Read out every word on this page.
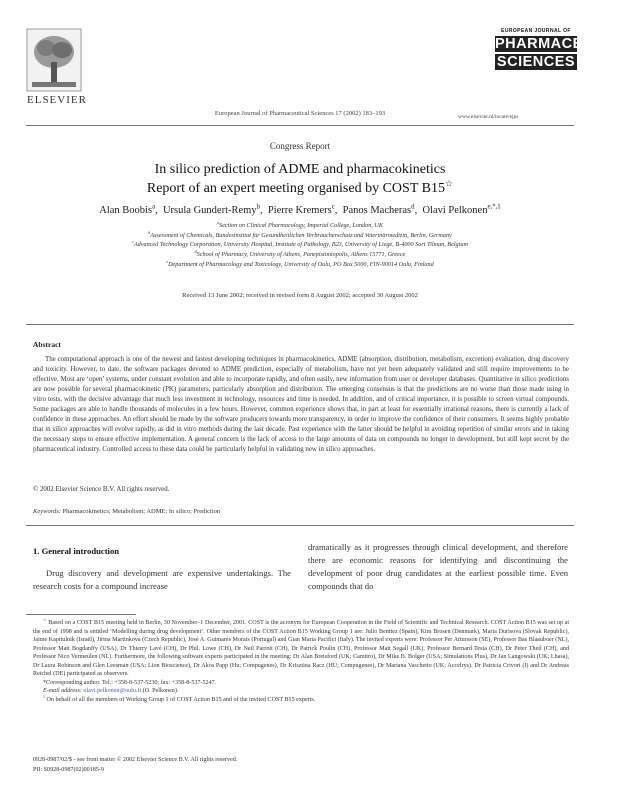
ELSEVIER
European Journal of Pharmaceutical Sciences 17 (2002) 183–193
EUROPEAN JOURNAL OF
PHARMACEUTICAL
SCIENCES
www.elsevier.nl/locate/ejps
Congress Report
In silico prediction of ADME and pharmacokinetics
Report of an expert meeting organised by COST B15☆
Alan Boobis$^a$,  Ursula Gundert-Remy$^b$,  Pierre Kremers$^c$,  Panos Macheras$^d$,  Olavi Pelkonen$^{e,*,1}$
$^a$Section on Clinical Pharmacology, Imperial College, London, UK
$^b$Assessment of Chemicals, Bundesinstitut für Gesundheitlichen Verbraucherschutz und Veterinärmedizin, Berlin, Germany
$^c$Advanced Technology Corporation, University Hospital, Institute of Pathology, B23, University of Liege, B-4000 Sart Tilman, Belgium
$^d$School of Pharmacy, University of Athens, Panepistimiopolis, Athens 15771, Greece
$^e$Department of Pharmacology and Toxicology, University of Oulu, PO Box 5000, FIN-90014 Oulu, Finland
Received 13 June 2002; received in revised form 8 August 2002; accepted 30 August 2002
Abstract
The computational approach is one of the newest and fastest developing techniques in pharmacokinetics, ADME (absorption, distribution, metabolism, excretion) evaluation, drug discovery and toxicity. However, to date, the software packages devoted to ADME prediction, especially of metabolism, have not yet been adequately validated and still require improvements to be effective. Most are ‘open’ systems, under constant evolution and able to incorporate rapidly, and often easily, new information from user or developer databases. Quantitative in silico predictions are now possible for several pharmacokinetic (PK) parameters, particularly absorption and distribution. The emerging consensus is that the predictions are no worse than those made using in vitro tests, with the decisive advantage that much less investment in technology, resources and time is needed. In addition, and of critical importance, it is possible to screen virtual compounds. Some packages are able to handle thousands of molecules in a few hours. However, common experience shows that, in part at least for essentially irrational reasons, there is currently a lack of confidence in these approaches. An effort should be made by the software producers towards more transparency, in order to improve the confidence of their consumers. It seems highly probable that in silico approaches will evolve rapidly, as did in vitro methods during the last decade. Past experience with the latter should be helpful in avoiding repetition of similar errors and in taking the necessary steps to ensure effective implementation. A general concern is the lack of access to the large amounts of data on compounds no longer in development, but still kept secret by the pharmaceutical industry. Controlled access to these data could be particularly helpful in validating new in silico approaches.
© 2002 Elsevier Science B.V. All rights reserved.
Keywords: Pharmacokinetics; Metabolism; ADME; In silico; Prediction
1. General introduction
Drug discovery and development are expensive undertakings. The research costs for a compound increase
dramatically as it progresses through clinical development, and therefore there are economic reasons for identifying and discontinuing the development of poor drug candidates at the earliest possible time. Even compounds that do

☆ Based on a COST B15 meeting held in Berlin, 30 November–1 December, 2001. COST is the acronym for European Cooperation in the Field of Scientific and Technical Research. COST Action B15 was set up at the end of 1998 and is entitled ‘Modelling during drug development’. Other members of the COST Action B15 Working Group 1 are: Julio Benitez (Spain), Kim Brosen (Denmark), Maria Durisova (Slovak Republic), Jaime Kapitulnik (Israël), Jirina Martinkova (Czech Republic), José A. Guimarès Morais (Portugal) and Gian Maria Pacifici (Italy). The invited experts were: Professor Per Artursson (SE), Professor Bas Blaauboer (NL), Professor Matt Bogdanffy (USA), Dr Thierry Lavé (CH), Dr Phil. Lowe (CH), Dr Neil Parrott (CH), Dr Patrick Poulin (CH), Professor Matt Segall (UK), Professor Bernard Testa (CH), Dr Peter Theil (CH), and Professor Nico Vermeulen (NL). Furthermore, the following software experts participated in the meeting: Dr Alan Bretsford (UK; Camitro), Dr Mike B. Bolger (USA; Simulations Plus), Dr Jan Langowski (UK; Lhasa), Dr Laura Robinson and Glen Leesman (USA; Lion Bioscience), Dr Akos Papp (Hu; Compugenes), Dr Krisztina Racz (HU; Compugenes), Dr Mariana Vaschetto (UK; Accelrys). Dr Patricia Crivori (I) and Dr Andreas Reichel (DE) participated as observers.

*Corresponding author. Tel.: +358-8-537-5230; fax: +358-8-537-5247.

E-mail address: olavi.pelkonen@oulu.fi (O. Pelkonen).

$^1$ On behalf of all the members of Working Group 1 of COST Action B15 and of the invited COST B15 experts.

0928-0987/02/$ - see front matter © 2002 Elsevier Science B.V. All rights reserved.
PII: S0928-0987(02)00185-9
